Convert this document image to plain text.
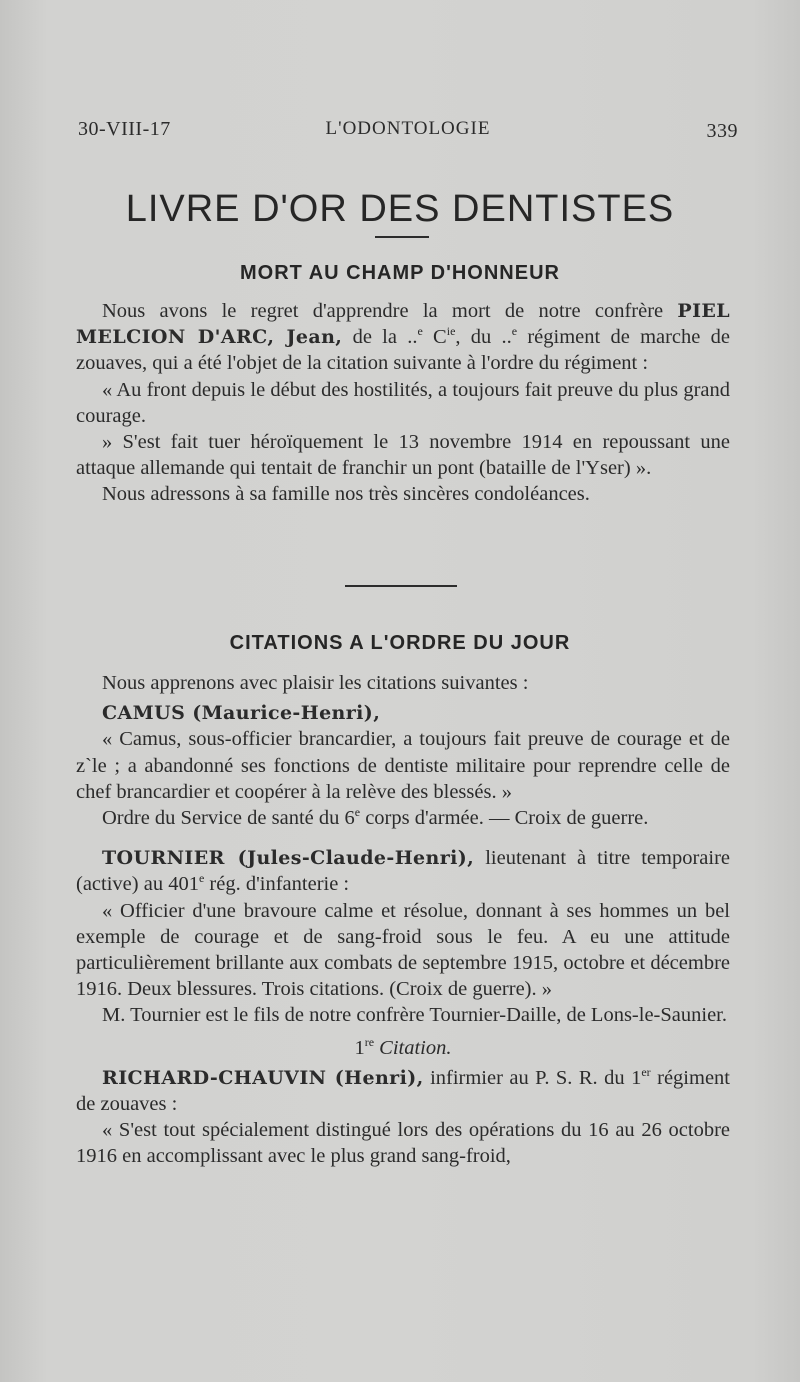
30-VIII-17	L'ODONTOLOGIE	339
LIVRE D'OR DES DENTISTES
MORT AU CHAMP D'HONNEUR

Nous avons le regret d'apprendre la mort de notre confrère PIEL MELCION D'ARC, Jean, de la ..$^e$ $C^{ie}$, du ..$^e$ régiment de marche de zouaves, qui a été l'objet de la citation suivante à l'ordre du régiment :

« Au front depuis le début des hostilités, a toujours fait preuve du plus grand courage.

» S'est fait tuer héroïquement le 13 novembre 1914 en repoussant une attaque allemande qui tentait de franchir un pont (bataille de l'Yser) ».

Nous adressons à sa famille nos très sincères condoléances.

CITATIONS A L'ORDRE DU JOUR

Nous apprenons avec plaisir les citations suivantes :

CAMUS (Maurice-Henri),

« Camus, sous-officier brancardier, a toujours fait preuve de courage et de z`le ; a abandonné ses fonctions de dentiste militaire pour reprendre celle de chef brancardier et coopérer à la relève des blessés. »

Ordre du Service de santé du 6e corps d'armée. — Croix de guerre.

TOURNIER (Jules-Claude-Henri), lieutenant à titre temporaire (active) au 401e rég. d'infanterie :

« Officier d'une bravoure calme et résolue, donnant à ses hommes un bel exemple de courage et de sang-froid sous le feu. A eu une attitude particulièrement brillante aux combats de septembre 1915, octobre et décembre 1916. Deux blessures. Trois citations. (Croix de guerre). »

M. Tournier est le fils de notre confrère Tournier-Daille, de Lons-le-Saunier.

1re Citation.

RICHARD-CHAUVIN (Henri), infirmier au P. S. R. du 1er régiment de zouaves :

« S'est tout spécialement distingué lors des opérations du 16 au 26 octobre 1916 en accomplissant avec le plus grand sang-froid,
